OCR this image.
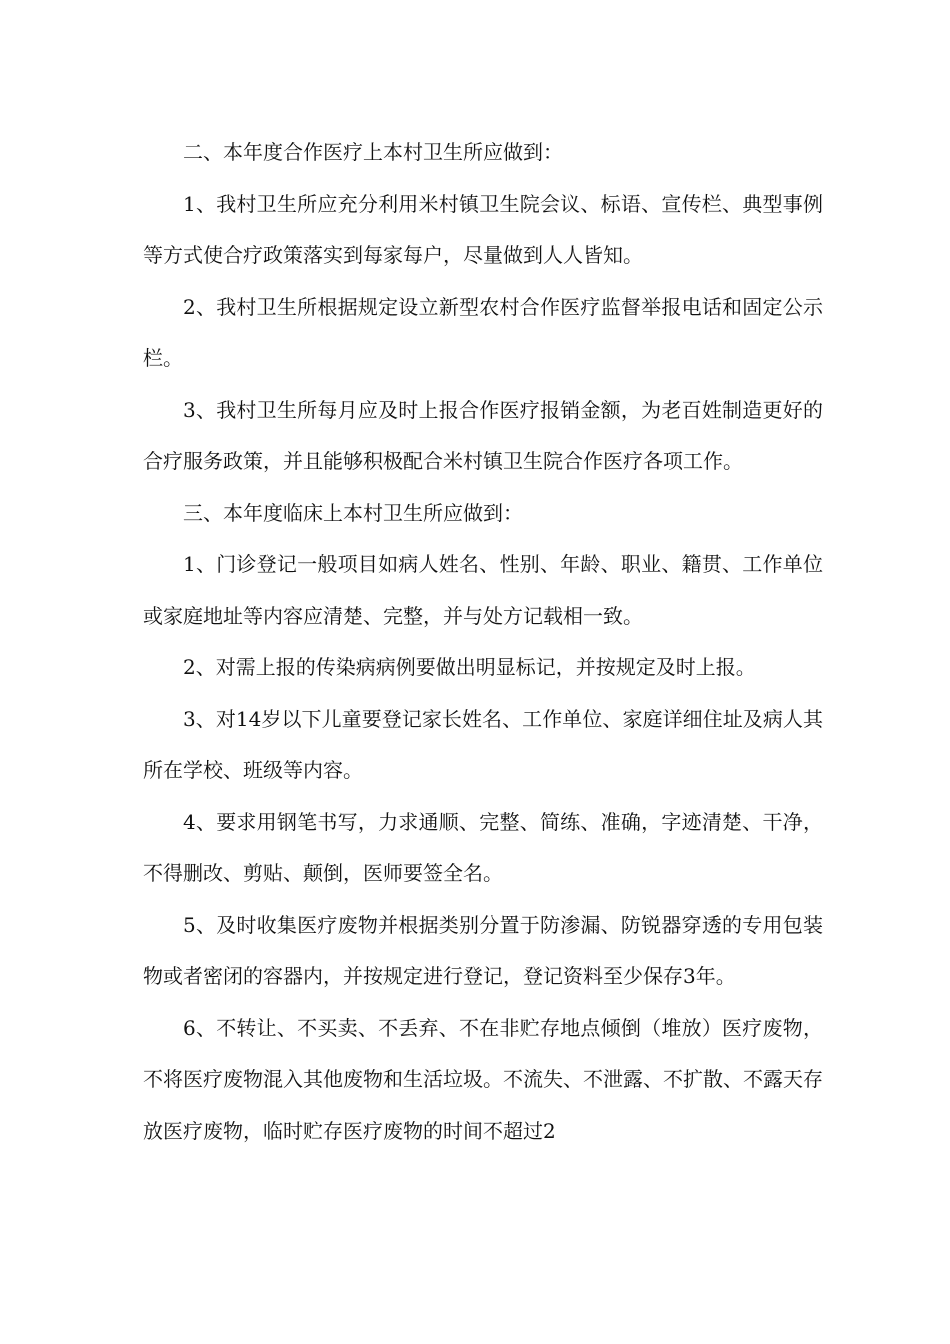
二、本年度合作医疗上本村卫生所应做到：

1、我村卫生所应充分利用米村镇卫生院会议、标语、宣传栏、典型事例等方式使合疗政策落实到每家每户，尽量做到人人皆知。

2、我村卫生所根据规定设立新型农村合作医疗监督举报电话和固定公示栏。

3、我村卫生所每月应及时上报合作医疗报销金额，为老百姓制造更好的合疗服务政策，并且能够积极配合米村镇卫生院合作医疗各项工作。

三、本年度临床上本村卫生所应做到：

1、门诊登记一般项目如病人姓名、性别、年龄、职业、籍贯、工作单位或家庭地址等内容应清楚、完整，并与处方记载相一致。

2、对需上报的传染病病例要做出明显标记，并按规定及时上报。

3、对14岁以下儿童要登记家长姓名、工作单位、家庭详细住址及病人其所在学校、班级等内容。

4、要求用钢笔书写，力求通顺、完整、简练、准确，字迹清楚、干净，不得删改、剪贴、颠倒，医师要签全名。

5、及时收集医疗废物并根据类别分置于防渗漏、防锐器穿透的专用包装物或者密闭的容器内，并按规定进行登记，登记资料至少保存3年。

6、不转让、不买卖、不丢弃、不在非贮存地点倾倒（堆放）医疗废物，不将医疗废物混入其他废物和生活垃圾。不流失、不泄露、不扩散、不露天存放医疗废物，临时贮存医疗废物的时间不超过2
